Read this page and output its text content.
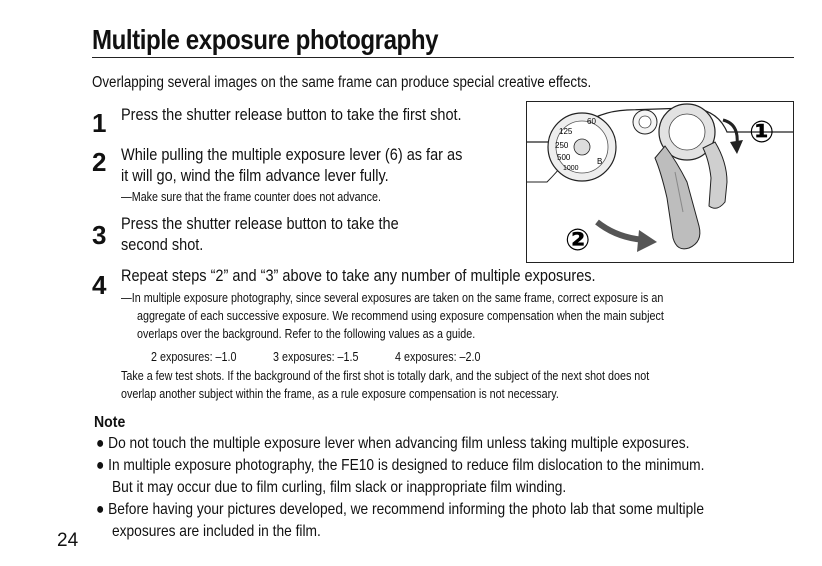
Multiple exposure photography
Overlapping several images on the same frame can produce special creative effects.
1 Press the shutter release button to take the first shot.
2 While pulling the multiple exposure lever (6) as far as
it will go, wind the film advance lever fully.
—Make sure that the frame counter does not advance.
3 Press the shutter release button to take the
second shot.
4 Repeat steps “2” and “3” above to take any number of multiple exposures.
—In multiple exposure photography, since several exposures are taken on the same frame, correct exposure is an
aggregate of each successive exposure. We recommend using exposure compensation when the main subject
overlaps over the background. Refer to the following values as a guide.
2 exposures: –1.0	3 exposures: –1.5	4 exposures: –2.0
Take a few test shots. If the background of the first shot is totally dark, and the subject of the next shot does not
overlap another subject within the frame, as a rule exposure compensation is not necessary.
Note
● Do not touch the multiple exposure lever when advancing film unless taking multiple exposures.
● In multiple exposure photography, the FE10 is designed to reduce film dislocation to the minimum.
But it may occur due to film curling, film slack or inappropriate film winding.
● Before having your pictures developed, we recommend informing the photo lab that some multiple
exposures are included in the film.
24
60
125
250
500
1000
B
①
②
